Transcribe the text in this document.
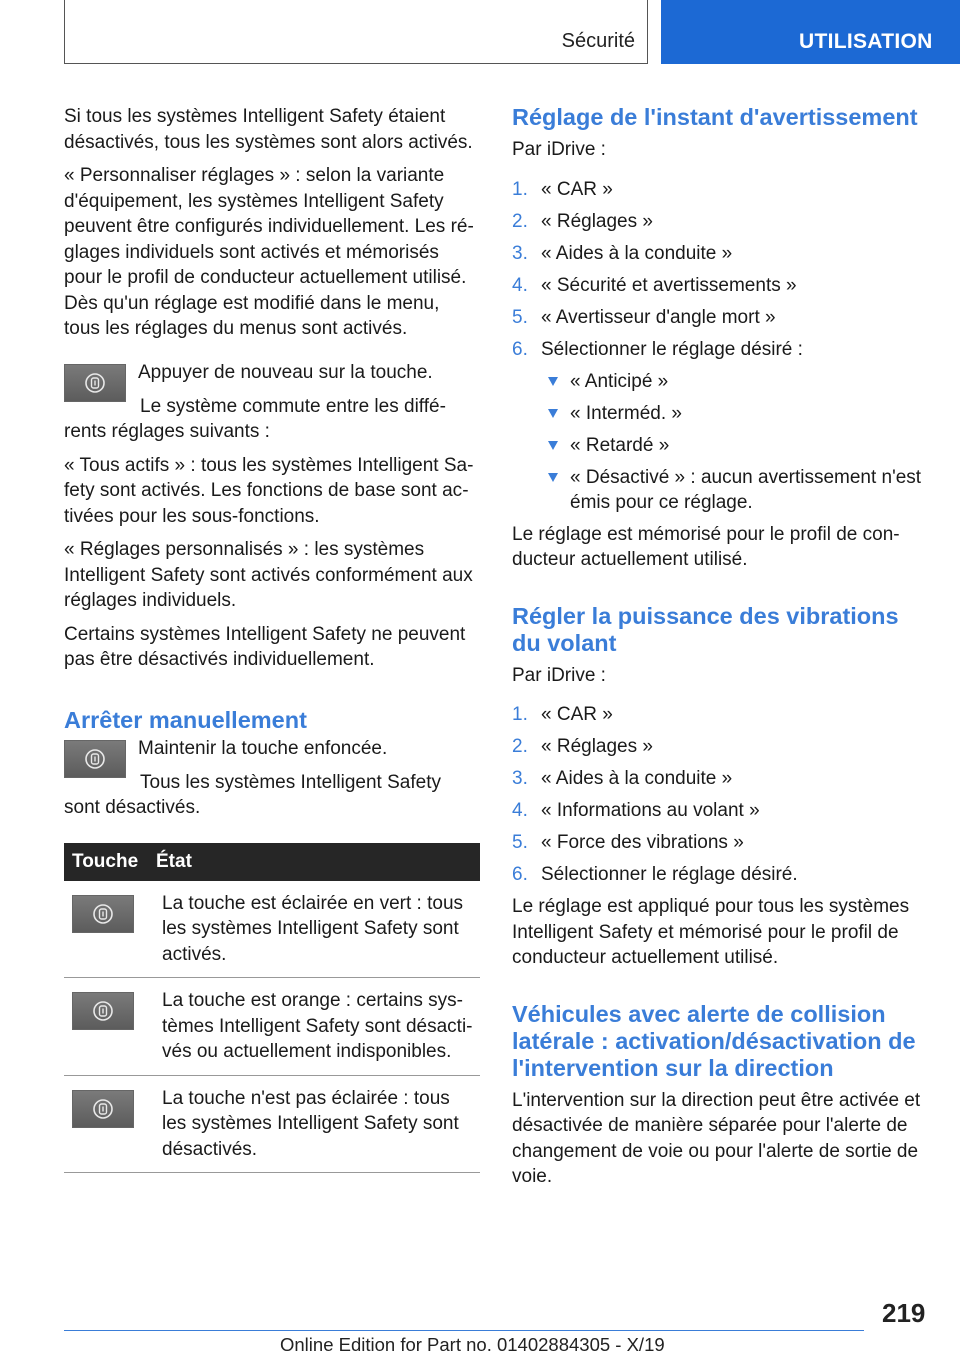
Sécurité	UTILISATION

Si tous les systèmes Intelligent Safety étaient désactivés, tous les systèmes sont alors activés.

« Personnaliser réglages » : selon la variante d'équipement, les systèmes Intelligent Safety peuvent être configurés individuellement. Les réglages individuels sont activés et mémorisés pour le profil de conducteur actuellement utilisé. Dès qu'un réglage est modifié dans le menu, tous les réglages du menus sont activés.

Appuyer de nouveau sur la touche.

Le système commute entre les différents réglages suivants :

« Tous actifs » : tous les systèmes Intelligent Safety sont activés. Les fonctions de base sont activées pour les sous-fonctions.

« Réglages personnalisés » : les systèmes Intelligent Safety sont activés conformément aux réglages individuels.

Certains systèmes Intelligent Safety ne peuvent pas être désactivés individuellement.

Arrêter manuellement

Maintenir la touche enfoncée.

Tous les systèmes Intelligent Safety sont désactivés.

Touche	État

	La touche est éclairée en vert : tous les systèmes Intelligent Safety sont activés.

	La touche est orange : certains systèmes Intelligent Safety sont désactivés ou actuellement indisponibles.

	La touche n'est pas éclairée : tous les systèmes Intelligent Safety sont désactivés.
Réglage de l'instant d'avertissement

Par iDrive :

1. « CAR »
2. « Réglages »
3. « Aides à la conduite »
4. « Sécurité et avertissements »
5. « Avertisseur d'angle mort »
6. Sélectionner le réglage désiré :
« Anticipé »
« Interméd. »
« Retardé »
« Désactivé » : aucun avertissement n'est émis pour ce réglage.

Le réglage est mémorisé pour le profil de conducteur actuellement utilisé.

Régler la puissance des vibrations du volant

Par iDrive :

1. « CAR »
2. « Réglages »
3. « Aides à la conduite »
4. « Informations au volant »
5. « Force des vibrations »
6. Sélectionner le réglage désiré.

Le réglage est appliqué pour tous les systèmes Intelligent Safety et mémorisé pour le profil de conducteur actuellement utilisé.

Véhicules avec alerte de collision latérale : activation/désactivation de l'intervention sur la direction

L'intervention sur la direction peut être activée et désactivée de manière séparée pour l'alerte de changement de voie ou pour l'alerte de sortie de voie.

219
Online Edition for Part no. 01402884305 - X/19
